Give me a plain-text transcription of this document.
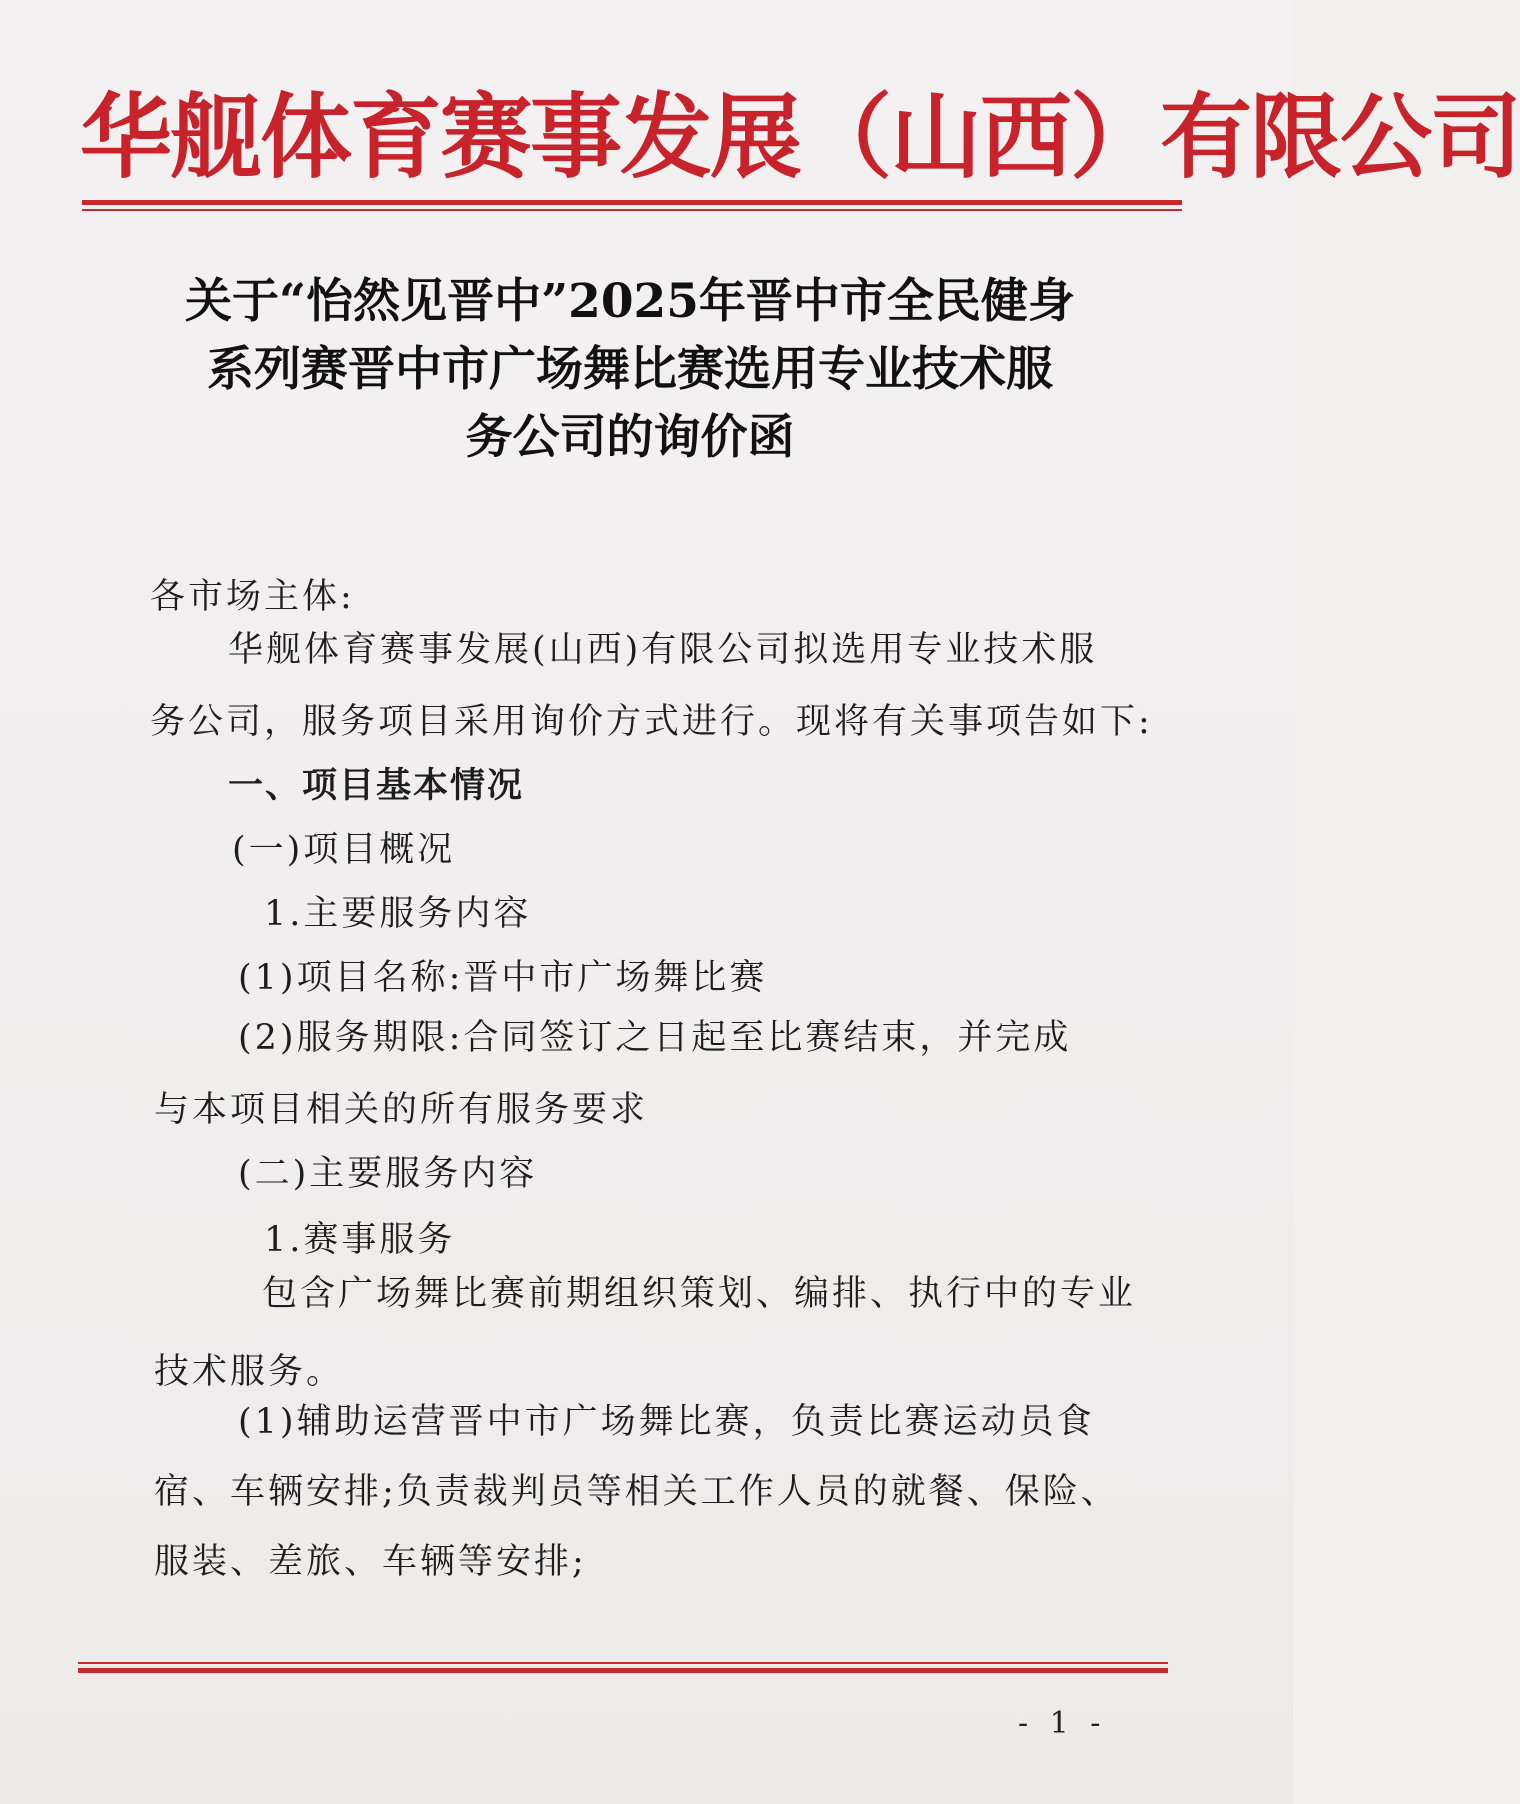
华舰体育赛事发展（山西）有限公司
关于“怡然见晋中”2025年晋中市全民健身
系列赛晋中市广场舞比赛选用专业技术服
务公司的询价函
各市场主体:
华舰体育赛事发展(山西)有限公司拟选用专业技术服
务公司，服务项目采用询价方式进行。现将有关事项告如下:
一、项目基本情况
(一)项目概况
1.主要服务内容
(1)项目名称:晋中市广场舞比赛
(2)服务期限:合同签订之日起至比赛结束，并完成
与本项目相关的所有服务要求
(二)主要服务内容
1.赛事服务
包含广场舞比赛前期组织策划、编排、执行中的专业
技术服务。
(1)辅助运营晋中市广场舞比赛，负责比赛运动员食
宿、车辆安排;负责裁判员等相关工作人员的就餐、保险、
服装、差旅、车辆等安排;
- 1 -
